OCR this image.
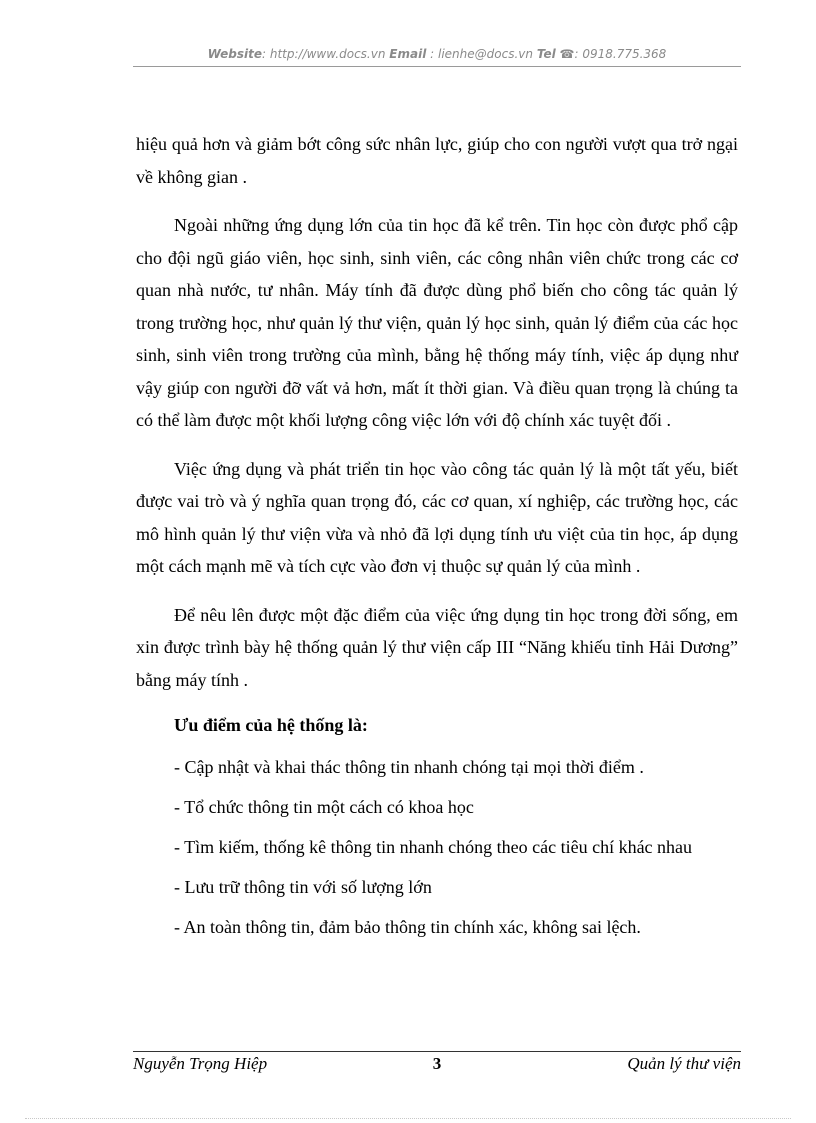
Website: http://www.docs.vn Email : lienhe@docs.vn Tel ☎: 0918.775.368

hiệu quả hơn và giảm bớt công sức nhân lực, giúp cho con người vượt qua trở ngại về không gian .

Ngoài những ứng dụng lớn của tin học đã kể trên. Tin học còn được phổ cập cho đội ngũ giáo viên, học sinh, sinh viên, các công nhân viên chức trong các cơ quan nhà nước, tư nhân. Máy tính đã được dùng phổ biến cho công tác quản lý trong trường học, như quản lý thư viện, quản lý học sinh, quản lý điểm của các học sinh, sinh viên trong trường của mình, bằng hệ thống máy tính, việc áp dụng như vậy giúp con người đỡ vất vả hơn, mất ít thời gian. Và điều quan trọng là chúng ta có thể làm được một khối lượng công việc lớn với độ chính xác tuyệt đối .

Việc ứng dụng và phát triển tin học vào công tác quản lý là một tất yếu, biết được vai trò và ý nghĩa quan trọng đó, các cơ quan, xí nghiệp, các trường học, các mô hình quản lý thư viện vừa và nhỏ đã lợi dụng tính ưu việt của tin học, áp dụng một cách mạnh mẽ và tích cực vào đơn vị thuộc sự quản lý của mình .

Để nêu lên được một đặc điểm của việc ứng dụng tin học trong đời sống, em xin được trình bày hệ thống quản lý thư viện cấp III “Năng khiếu tỉnh Hải Dương” bằng máy tính .

Ưu điểm của hệ thống là:

- Cập nhật và khai thác thông tin nhanh chóng tại mọi thời điểm .
- Tổ chức thông tin một cách có khoa học
- Tìm kiếm, thống kê thông tin nhanh chóng theo các tiêu chí khác nhau
- Lưu trữ thông tin với số lượng lớn
- An toàn thông tin, đảm bảo thông tin chính xác, không sai lệch.
Nguyễn Trọng Hiệp	3	Quản lý thư viện
